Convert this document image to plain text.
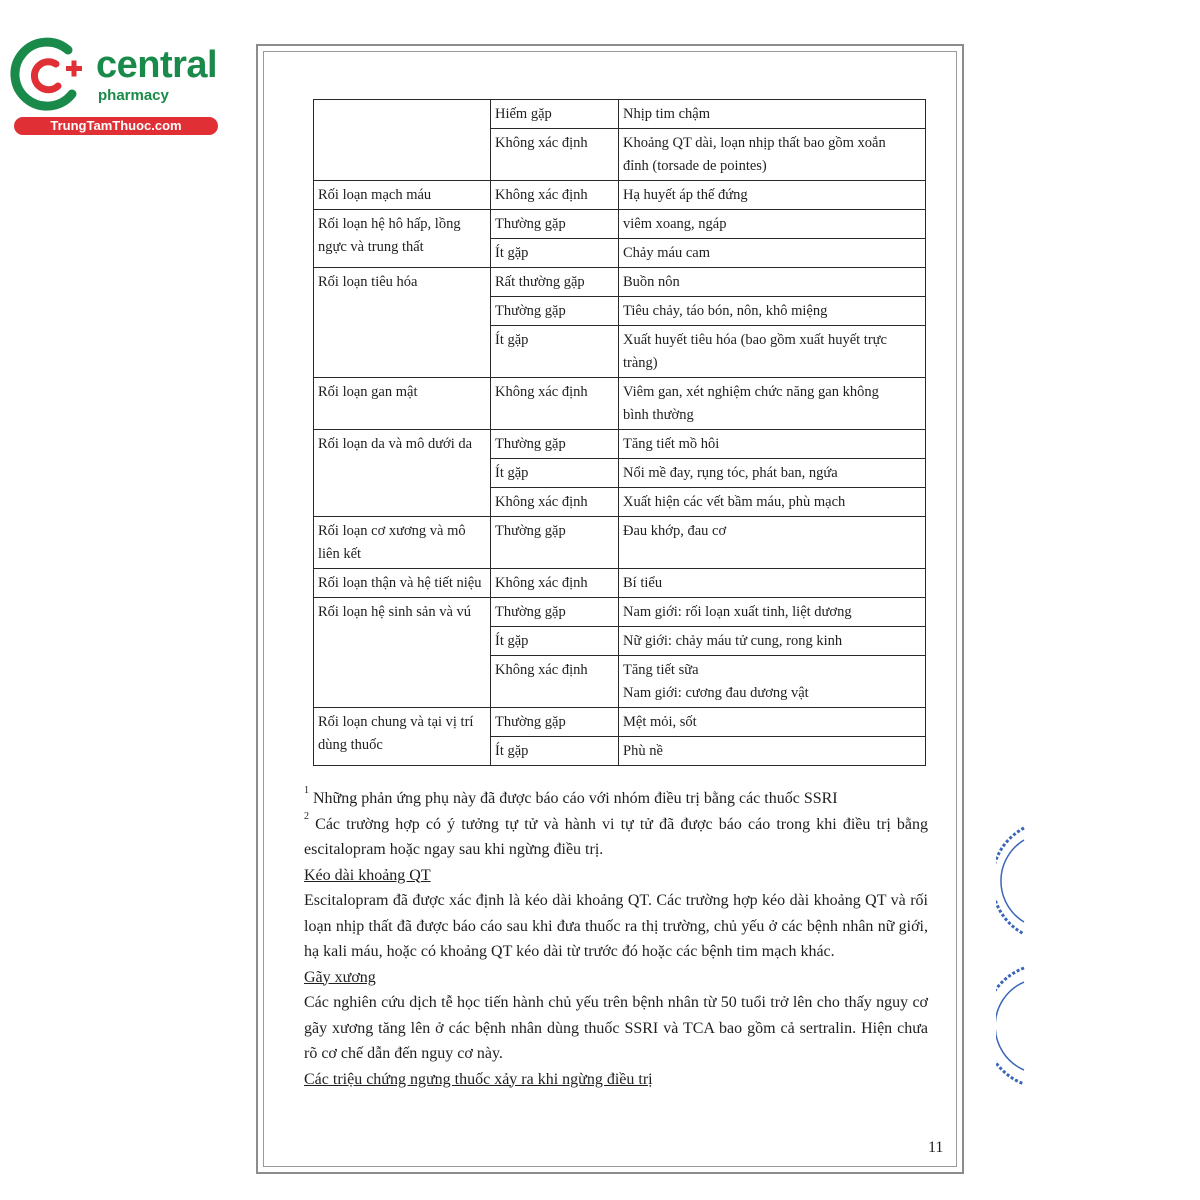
central
pharmacy
TrungTamThuoc.com
	Hiếm gặp	Nhịp tim chậm

	Không xác định	Khoảng QT dài, loạn nhịp thất bao gồm xoắn
đỉnh (torsade de pointes)

Rối loạn mạch máu	Không xác định	Hạ huyết áp thế đứng

Rối loạn hệ hô hấp, lồng ngực và trung thất	Thường gặp	viêm xoang, ngáp

	Ít gặp	Chảy máu cam

Rối loạn tiêu hóa	Rất thường gặp	Buồn nôn

	Thường gặp	Tiêu chảy, táo bón, nôn, khô miệng

	Ít gặp	Xuất huyết tiêu hóa (bao gồm xuất huyết trực
tràng)

Rối loạn gan mật	Không xác định	Viêm gan, xét nghiệm chức năng gan không
bình thường

Rối loạn da và mô dưới da	Thường gặp	Tăng tiết mồ hôi

	Ít gặp	Nổi mề đay, rụng tóc, phát ban, ngứa

	Không xác định	Xuất hiện các vết bầm máu, phù mạch

Rối loạn cơ xương và mô liên kết	Thường gặp	Đau khớp, đau cơ

Rối loạn thận và hệ tiết niệu	Không xác định	Bí tiểu

Rối loạn hệ sinh sản và vú	Thường gặp	Nam giới: rối loạn xuất tinh, liệt dương

	Ít gặp	Nữ giới: chảy máu tử cung, rong kinh

	Không xác định	Tăng tiết sữa
Nam giới: cương đau dương vật

Rối loạn chung và tại vị trí dùng thuốc	Thường gặp	Mệt mỏi, sốt

	Ít gặp	Phù nề

$^1$ Những phản ứng phụ này đã được báo cáo với nhóm điều trị bằng các thuốc SSRI

$^2$ Các trường hợp có ý tưởng tự tử và hành vi tự tử đã được báo cáo trong khi điều trị bằng escitalopram hoặc ngay sau khi ngừng điều trị.

Kéo dài khoảng QT

Escitalopram đã được xác định là kéo dài khoảng QT. Các trường hợp kéo dài khoảng QT và rối loạn nhịp thất đã được báo cáo sau khi đưa thuốc ra thị trường, chủ yếu ở các bệnh nhân nữ giới, hạ kali máu, hoặc có khoảng QT kéo dài từ trước đó hoặc các bệnh tim mạch khác.

Gãy xương

Các nghiên cứu dịch tễ học tiến hành chủ yếu trên bệnh nhân từ 50 tuổi trở lên cho thấy nguy cơ gãy xương tăng lên ở các bệnh nhân dùng thuốc SSRI và TCA bao gồm cả sertralin. Hiện chưa rõ cơ chế dẫn đến nguy cơ này.

Các triệu chứng ngưng thuốc xảy ra khi ngừng điều trị

11
